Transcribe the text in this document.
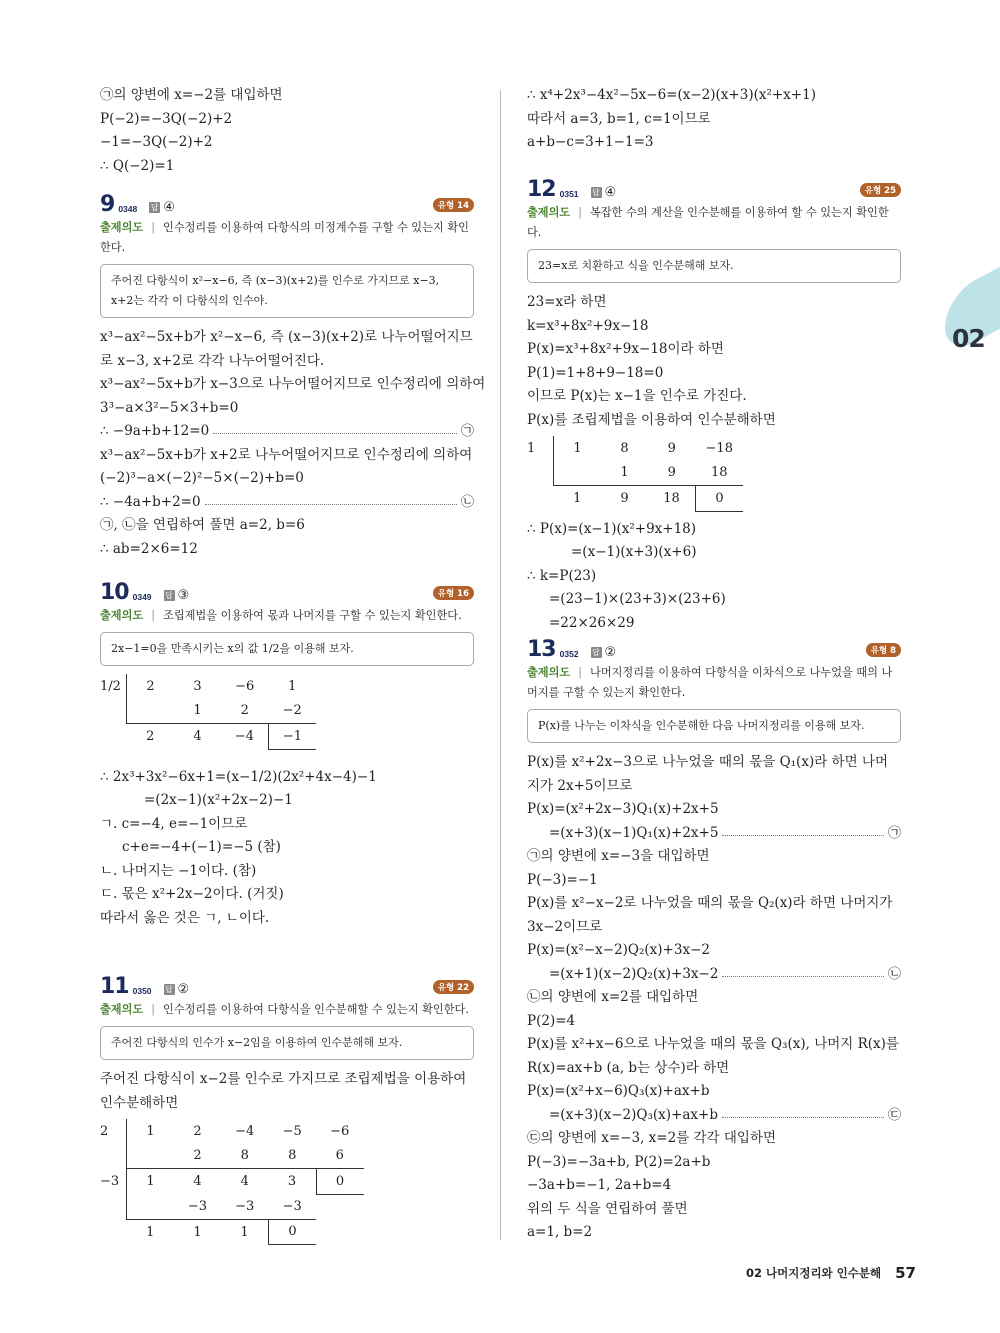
02
㉠의 양변에 x=−2를 대입하면
P(−2)=−3Q(−2)+2
−1=−3Q(−2)+2
∴ Q(−2)=1
9 0348 답 ④	유형 14
출제의도 | 인수정리를 이용하여 다항식의 미정계수를 구할 수 있는지 확인한다.
주어진 다항식이 x²−x−6, 즉 (x−3)(x+2)를 인수로 가지므로 x−3, x+2는 각각 이 다항식의 인수야.
x³−ax²−5x+b가 x²−x−6, 즉 (x−3)(x+2)로 나누어떨어지므로 x−3, x+2로 각각 나누어떨어진다.
x³−ax²−5x+b가 x−3으로 나누어떨어지므로 인수정리에 의하여
3³−a×3²−5×3+b=0
∴ −9a+b+12=0	㉠
x³−ax²−5x+b가 x+2로 나누어떨어지므로 인수정리에 의하여
(−2)³−a×(−2)²−5×(−2)+b=0
∴ −4a+b+2=0	㉡
㉠, ㉡을 연립하여 풀면 a=2, b=6
∴ ab=2×6=12
10 0349 답 ③	유형 16
출제의도 | 조립제법을 이용하여 몫과 나머지를 구할 수 있는지 확인한다.
2x−1=0을 만족시키는 x의 값 1/2을 이용해 보자.
1/2	2	3	−6	1
		1	2	−2
	2	4	−4	−1
∴ 2x³+3x²−6x+1=(x−1/2)(2x²+4x−4)−1
=(2x−1)(x²+2x−2)−1
ㄱ. c=−4, e=−1이므로
c+e=−4+(−1)=−5 (참)
ㄴ. 나머지는 −1이다. (참)
ㄷ. 몫은 x²+2x−2이다. (거짓)
따라서 옳은 것은 ㄱ, ㄴ이다.
11 0350 답 ②	유형 22
출제의도 | 인수정리를 이용하여 다항식을 인수분해할 수 있는지 확인한다.
주어진 다항식의 인수가 x−2임을 이용하여 인수분해해 보자.
주어진 다항식이 x−2를 인수로 가지므로 조립제법을 이용하여 인수분해하면
2	1	2	−4	−5	−6
		2	8	8	6
−3	1	4	4	3	0
		−3	−3	−3	
	1	1	1	0	
∴ x⁴+2x³−4x²−5x−6=(x−2)(x+3)(x²+x+1)
따라서 a=3, b=1, c=1이므로
a+b−c=3+1−1=3
12 0351 답 ④	유형 25
출제의도 | 복잡한 수의 계산을 인수분해를 이용하여 할 수 있는지 확인한다.
23=x로 치환하고 식을 인수분해해 보자.
23=x라 하면
k=x³+8x²+9x−18
P(x)=x³+8x²+9x−18이라 하면
P(1)=1+8+9−18=0
이므로 P(x)는 x−1을 인수로 가진다.
P(x)를 조립제법을 이용하여 인수분해하면
1	1	8	9	−18
		1	9	18
	1	9	18	0
∴ P(x)=(x−1)(x²+9x+18)
=(x−1)(x+3)(x+6)
∴ k=P(23)
=(23−1)×(23+3)×(23+6)
=22×26×29
13 0352 답 ②	유형 8
출제의도 | 나머지정리를 이용하여 다항식을 이차식으로 나누었을 때의 나머지를 구할 수 있는지 확인한다.
P(x)를 나누는 이차식을 인수분해한 다음 나머지정리를 이용해 보자.
P(x)를 x²+2x−3으로 나누었을 때의 몫을 Q₁(x)라 하면 나머지가 2x+5이므로
P(x)=(x²+2x−3)Q₁(x)+2x+5
=(x+3)(x−1)Q₁(x)+2x+5	㉠
㉠의 양변에 x=−3을 대입하면
P(−3)=−1
P(x)를 x²−x−2로 나누었을 때의 몫을 Q₂(x)라 하면 나머지가 3x−2이므로
P(x)=(x²−x−2)Q₂(x)+3x−2
=(x+1)(x−2)Q₂(x)+3x−2	㉡
㉡의 양변에 x=2를 대입하면
P(2)=4
P(x)를 x²+x−6으로 나누었을 때의 몫을 Q₃(x), 나머지 R(x)를 R(x)=ax+b (a, b는 상수)라 하면
P(x)=(x²+x−6)Q₃(x)+ax+b
=(x+3)(x−2)Q₃(x)+ax+b	㉢
㉢의 양변에 x=−3, x=2를 각각 대입하면
P(−3)=−3a+b, P(2)=2a+b
−3a+b=−1, 2a+b=4
위의 두 식을 연립하여 풀면
a=1, b=2
02 나머지정리와 인수분해 57
